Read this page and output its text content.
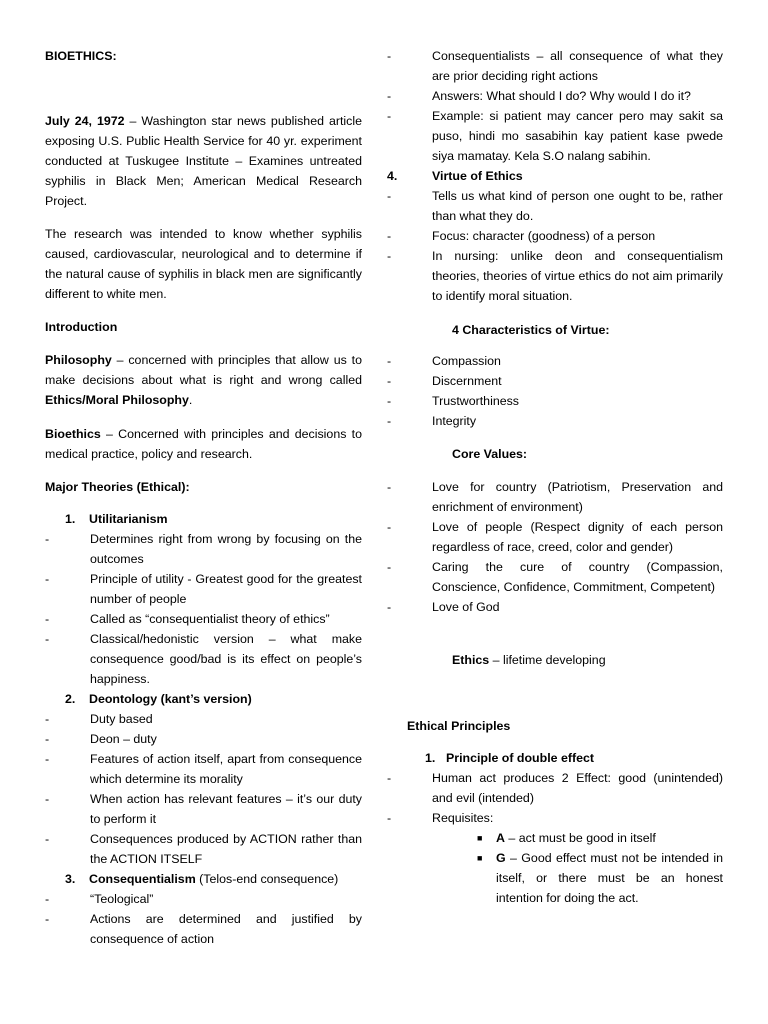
BIOETHICS:

July 24, 1972 – Washington star news published article exposing U.S. Public Health Service for 40 yr. experiment conducted at Tuskugee Institute – Examines untreated syphilis in Black Men; American Medical Research Project.

The research was intended to know whether syphilis caused, cardiovascular, neurological and to determine if the natural cause of syphilis in black men are significantly different to white men.

Introduction

Philosophy – concerned with principles that allow us to make decisions about what is right and wrong called Ethics/Moral Philosophy.

Bioethics – Concerned with principles and decisions to medical practice, policy and research.

Major Theories (Ethical):

1. Utilitarianism
- Determines right from wrong by focusing on the outcomes
- Principle of utility - Greatest good for the greatest number of people
- Called as “consequentialist theory of ethics”
- Classical/hedonistic version – what make consequence good/bad is its effect on people’s happiness.
2. Deontology (kant’s version)
- Duty based
- Deon – duty
- Features of action itself, apart from consequence which determine its morality
- When action has relevant features – it’s our duty to perform it
- Consequences produced by ACTION rather than the ACTION ITSELF
3. Consequentialism (Telos-end consequence)
- “Teological”
- Actions are determined and justified by consequence of action
- Consequentialists – all consequence of what they are prior deciding right actions
- Answers: What should I do? Why would I do it?
- Example: si patient may cancer pero may sakit sa puso, hindi mo sasabihin kay patient kase pwede siya mamatay. Kela S.O nalang sabihin.
4.	Virtue of Ethics
- Tells us what kind of person one ought to be, rather than what they do.
- Focus: character (goodness) of a person
- In nursing: unlike deon and consequentialism theories, theories of virtue ethics do not aim primarily to identify moral situation.

4 Characteristics of Virtue:

- Compassion
- Discernment
- Trustworthiness
- Integrity

Core Values:

- Love for country (Patriotism, Preservation and enrichment of environment)
- Love of people (Respect dignity of each person regardless of race, creed, color and gender)
- Caring the cure of country (Compassion, Conscience, Confidence, Commitment, Competent)
- Love of God

Ethics – lifetime developing

Ethical Principles

1. Principle of double effect
- Human act produces 2 Effect: good (unintended) and evil (intended)
- Requisites:
■ A – act must be good in itself
■ G – Good effect must not be intended in itself, or there must be an honest intention for doing the act.
